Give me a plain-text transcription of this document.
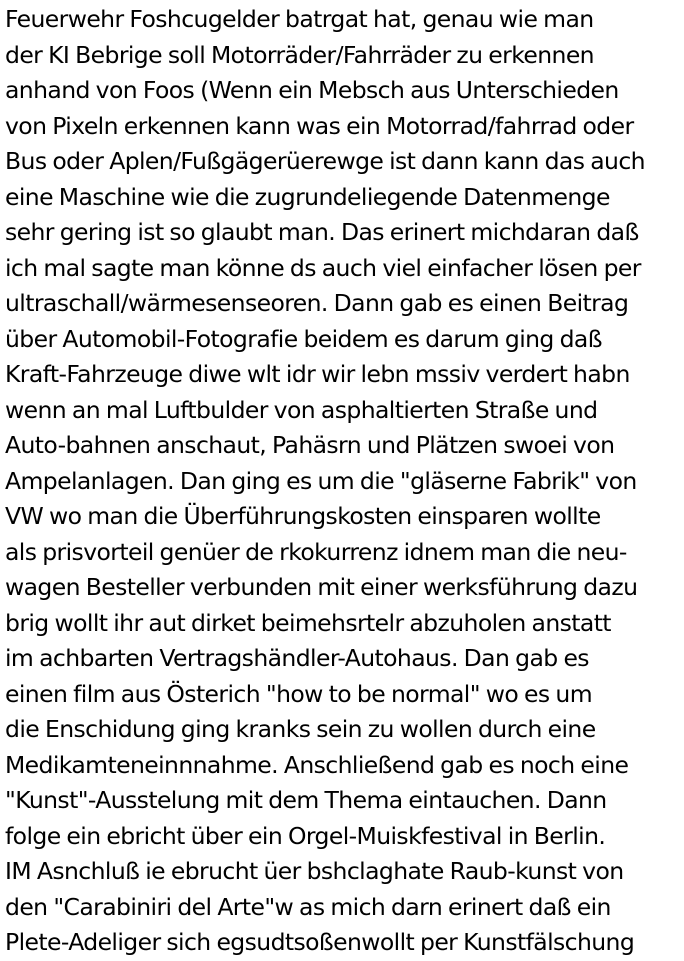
Feuerwehr Foshcugelder batrgat hat, genau wie man
der KI Bebrige soll Motorräder/Fahrräder zu erkennen
anhand von Foos (Wenn ein Mebsch aus Unterschieden
von Pixeln erkennen kann was ein Motorrad/fahrrad oder
Bus oder Aplen/Fußgägerüerewge ist dann kann das auch
eine Maschine wie die zugrundeliegende Datenmenge
sehr gering ist so glaubt man. Das erinert michdaran daß
ich mal sagte man könne ds auch viel einfacher lösen per
ultraschall/wärmesenseoren. Dann gab es einen Beitrag
über Automobil-Fotografie beidem es darum ging daß
Kraft-Fahrzeuge diwe wlt idr wir lebn mssiv verdert habn
wenn an mal Luftbulder von asphaltierten Straße und
Auto-bahnen anschaut, Pahäsrn und Plätzen swoei von
Ampelanlagen. Dan ging es um die "gläserne Fabrik" von
VW wo man die Überführungskosten einsparen wollte
als prisvorteil genüer de rkokurrenz idnem man die neu-
wagen Besteller verbunden mit einer werksführung dazu
brig wollt ihr aut dirket beimehsrtelr abzuholen anstatt
im achbarten Vertragshändler-Autohaus. Dan gab es
einen film aus Österich "how to be normal" wo es um
die Enschidung ging kranks sein zu wollen durch eine
Medikamteneinnnahme. Anschließend gab es noch eine
"Kunst"-Ausstelung mit dem Thema eintauchen. Dann
folge ein ebricht über ein Orgel-Muiskfestival in Berlin.
IM Asnchluß ie ebrucht üer bshclaghate Raub-kunst von
den "Carabiniri del Arte"w as mich darn erinert daß ein
Plete-Adeliger sich egsudtsoßenwollt per Kunstfälschung
